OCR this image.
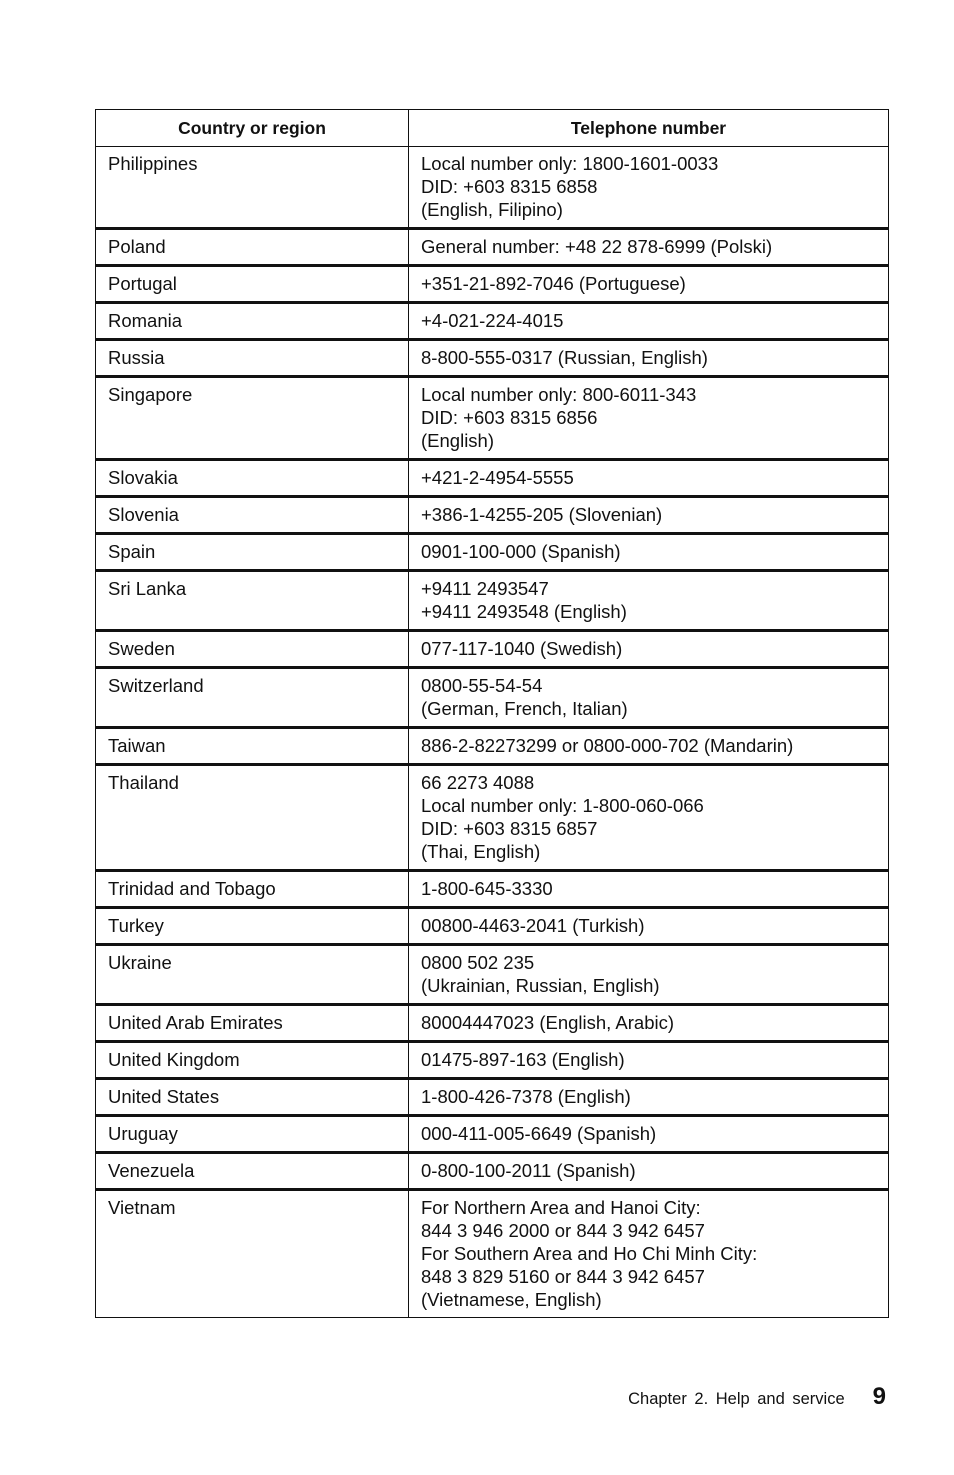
Country or region	Telephone number
Philippines	Local number only: 1800-1601-0033
DID: +603 8315 6858
(English, Filipino)

Poland	General number: +48 22 878-6999 (Polski)

Portugal	+351-21-892-7046 (Portuguese)

Romania	+4-021-224-4015

Russia	8-800-555-0317 (Russian, English)

Singapore	Local number only: 800-6011-343
DID: +603 8315 6856
(English)

Slovakia	+421-2-4954-5555

Slovenia	+386-1-4255-205 (Slovenian)

Spain	0901-100-000 (Spanish)

Sri Lanka	+9411 2493547
+9411 2493548 (English)

Sweden	077-117-1040 (Swedish)

Switzerland	0800-55-54-54
(German, French, Italian)

Taiwan	886-2-82273299 or 0800-000-702 (Mandarin)

Thailand	66 2273 4088
Local number only: 1-800-060-066
DID: +603 8315 6857
(Thai, English)

Trinidad and Tobago	1-800-645-3330

Turkey	00800-4463-2041 (Turkish)

Ukraine	0800 502 235
(Ukrainian, Russian, English)

United Arab Emirates	80004447023 (English, Arabic)

United Kingdom	01475-897-163 (English)

United States	1-800-426-7378 (English)

Uruguay	000-411-005-6649 (Spanish)

Venezuela	0-800-100-2011 (Spanish)

Vietnam	For Northern Area and Hanoi City:
844 3 946 2000 or 844 3 942 6457
For Southern Area and Ho Chi Minh City:
848 3 829 5160 or 844 3 942 6457
(Vietnamese, English)
Chapter 2. Help and service 9
